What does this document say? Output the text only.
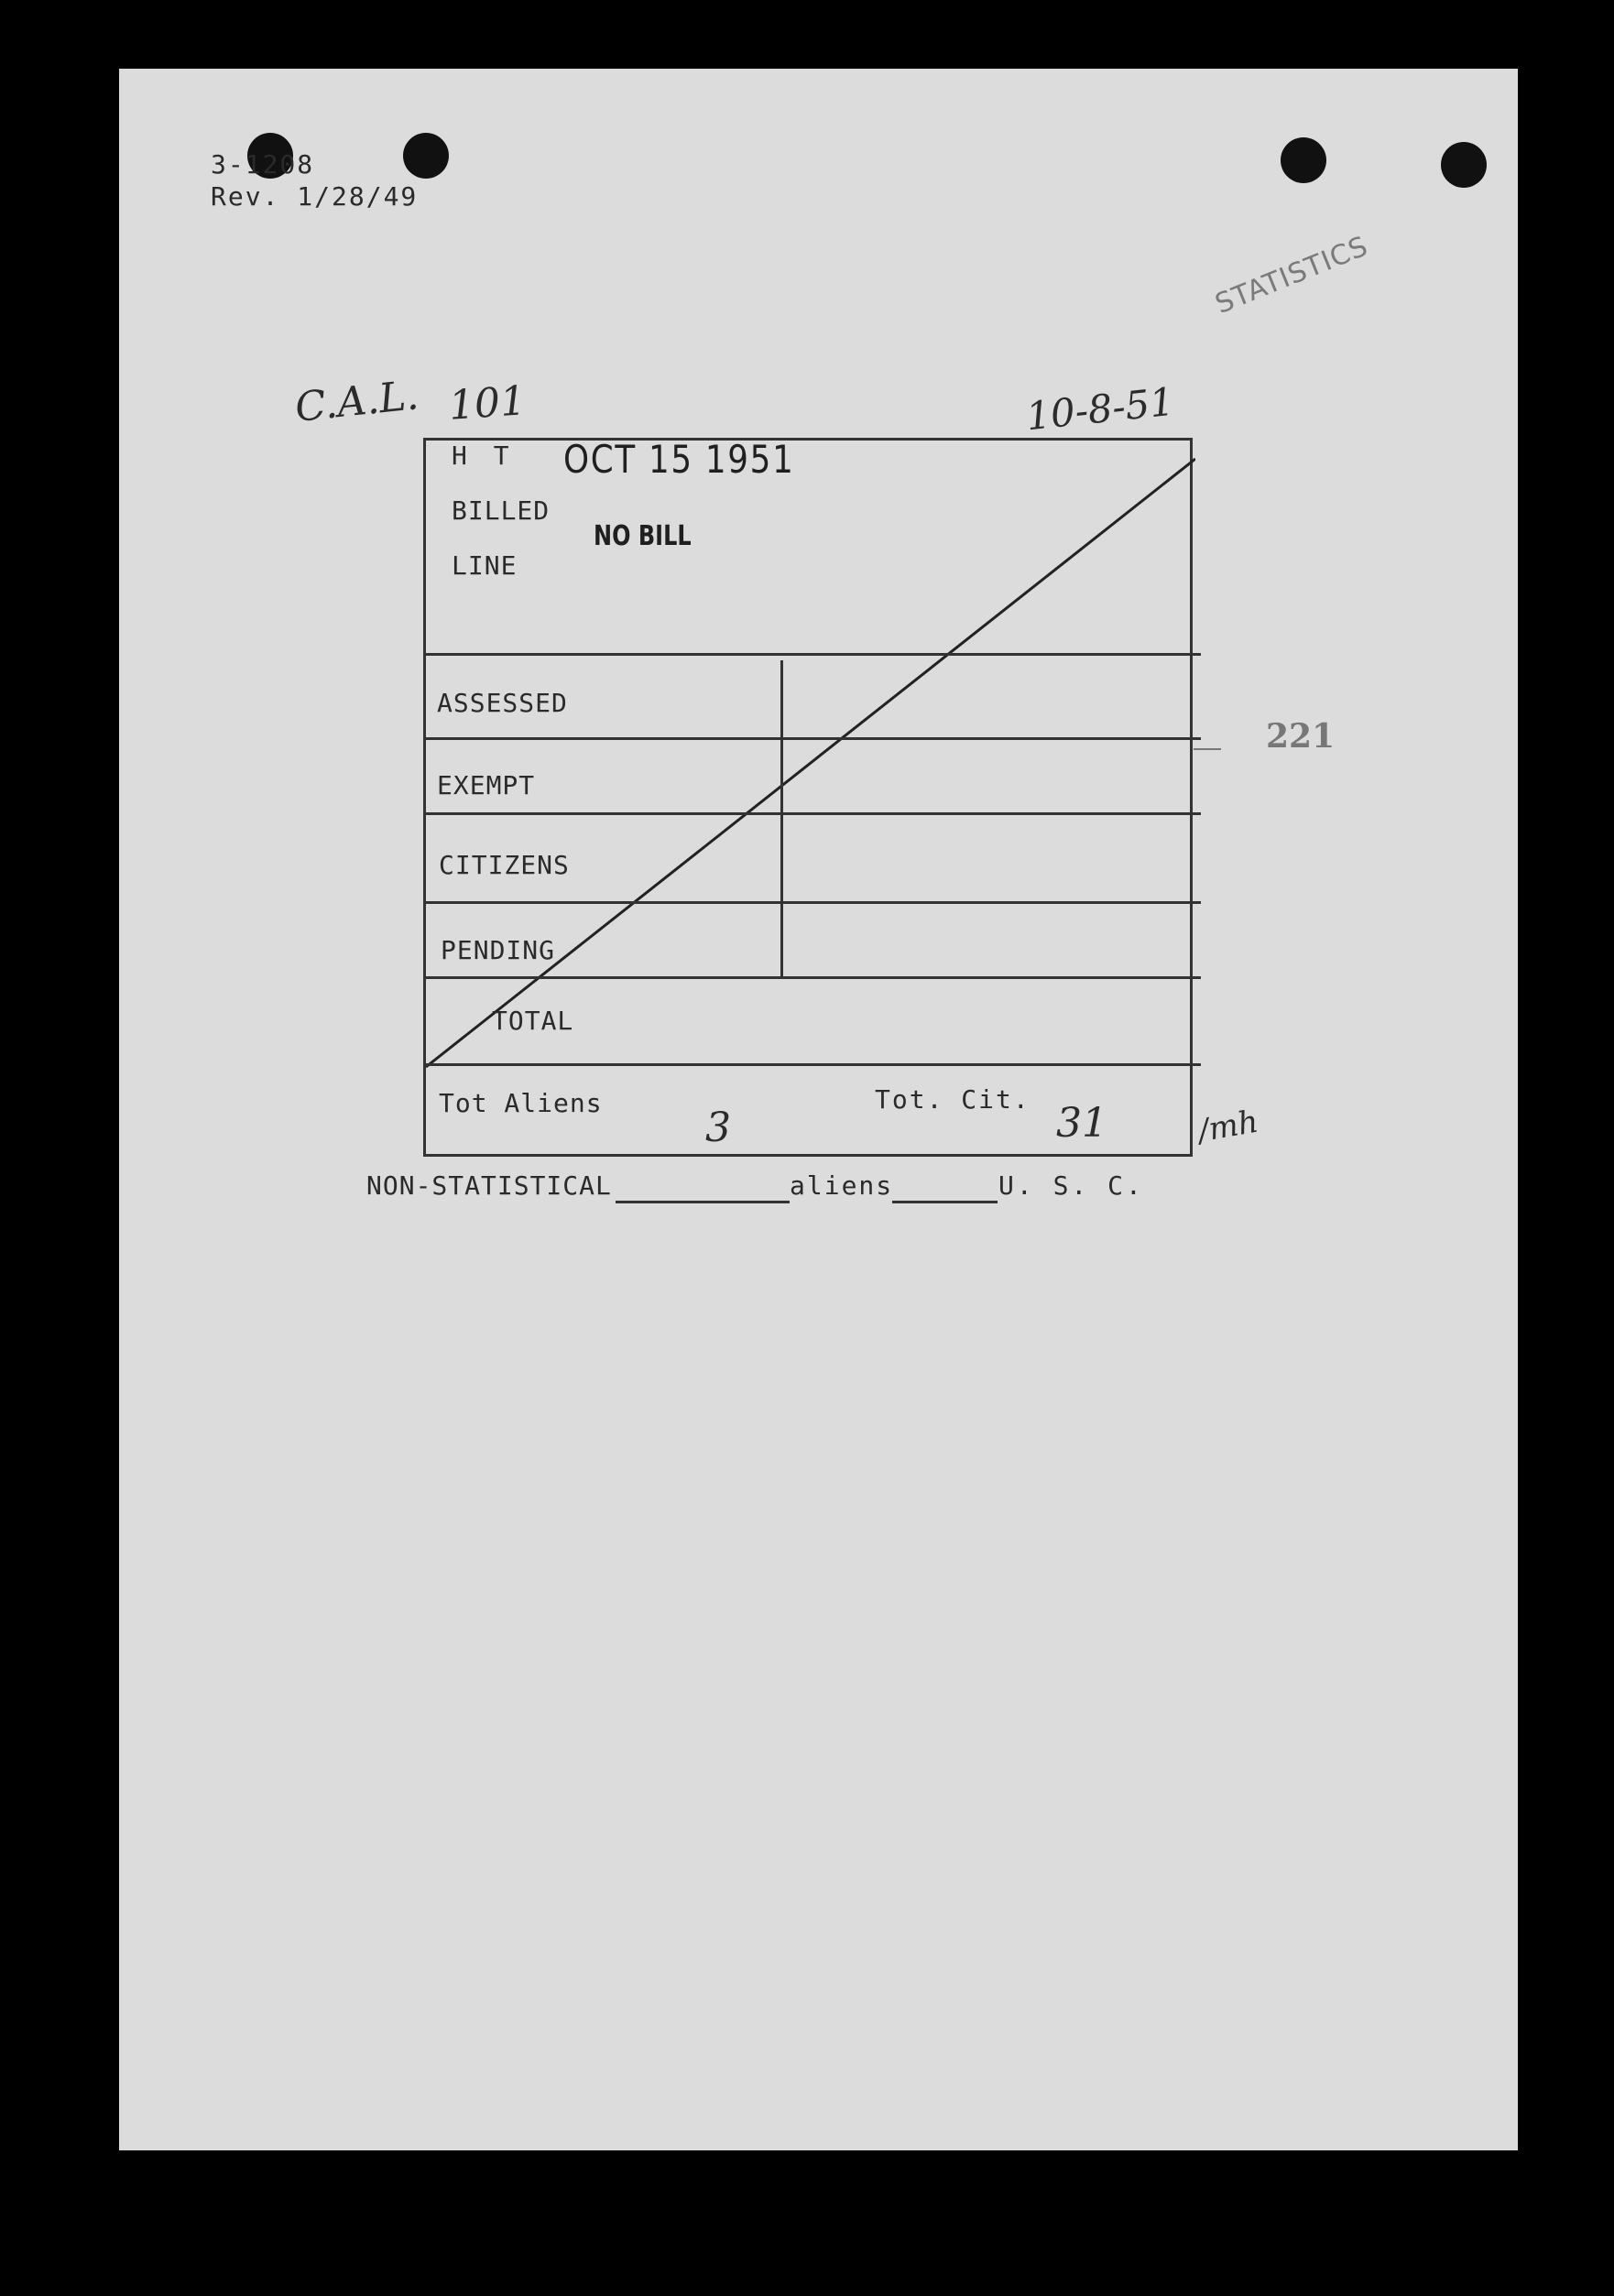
3-1208
Rev. 1/28/49
STATISTICS
C.A.L. 101	10-8-51
OCT 15 1951
NO BILL
221
H T
BILLED
LINE
ASSESSED
EXEMPT
CITIZENS
PENDING
TOTAL
Tot Aliens	Tot. Cit.
3	31	/mh
NON-STATISTICAL	aliens	U. S. C.
